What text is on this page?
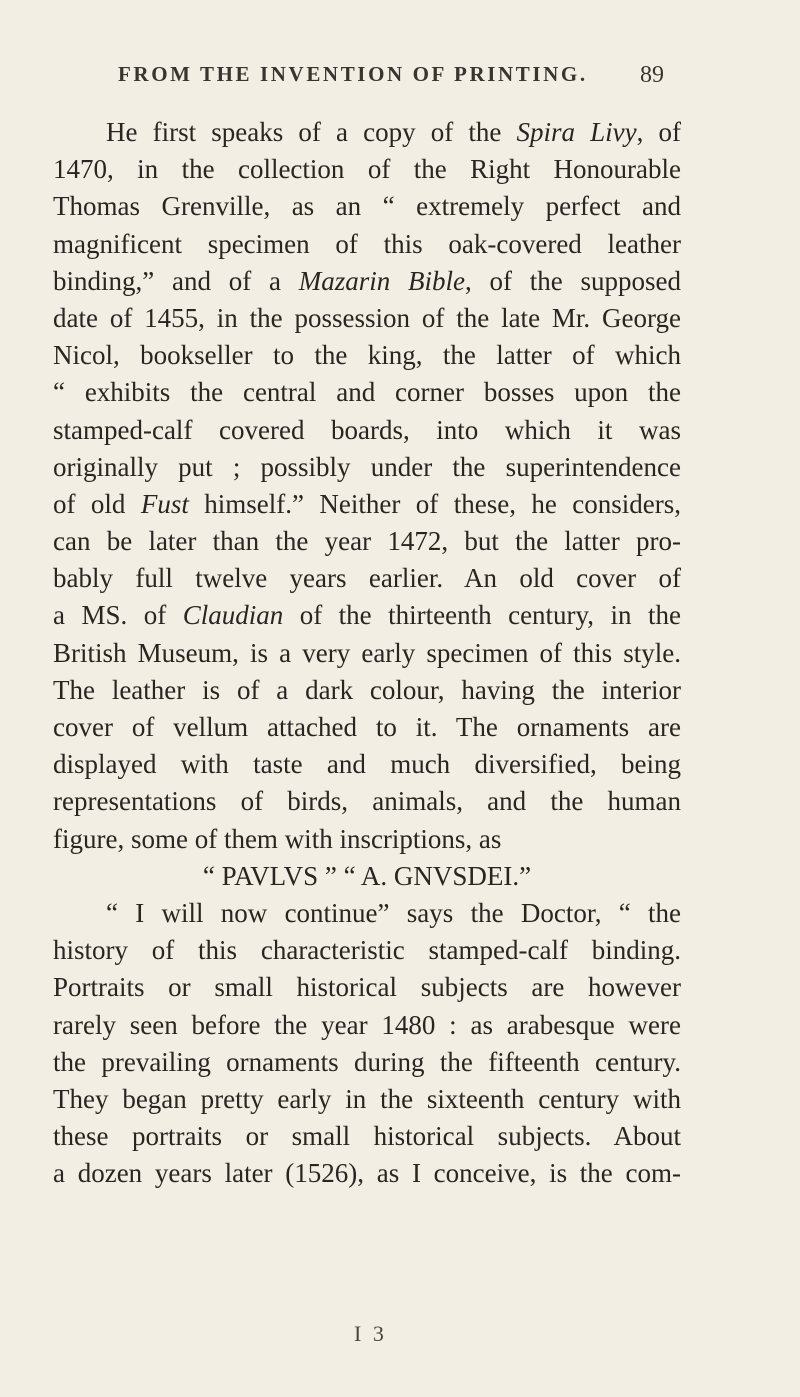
FROM THE INVENTION OF PRINTING. 89
He first speaks of a copy of the Spira Livy, of
1470, in the collection of the Right Honourable
Thomas Grenville, as an “ extremely perfect and
magnificent specimen of this oak-covered leather
binding,” and of a Mazarin Bible, of the supposed
date of 1455, in the possession of the late Mr. George
Nicol, bookseller to the king, the latter of which
“ exhibits the central and corner bosses upon the
stamped-calf covered boards, into which it was
originally put ; possibly under the superintendence
of old Fust himself.” Neither of these, he considers,
can be later than the year 1472, but the latter pro-
bably full twelve years earlier. An old cover of
a MS. of Claudian of the thirteenth century, in the
British Museum, is a very early specimen of this style.
The leather is of a dark colour, having the interior
cover of vellum attached to it. The ornaments are
displayed with taste and much diversified, being
representations of birds, animals, and the human
figure, some of them with inscriptions, as
“ PAVLVS ” “ A. GNVSDEI.”
“ I will now continue” says the Doctor, “ the
history of this characteristic stamped-calf binding.
Portraits or small historical subjects are however
rarely seen before the year 1480 : as arabesque were
the prevailing ornaments during the fifteenth century.
They began pretty early in the sixteenth century with
these portraits or small historical subjects. About
a dozen years later (1526), as I conceive, is the com-
I 3
